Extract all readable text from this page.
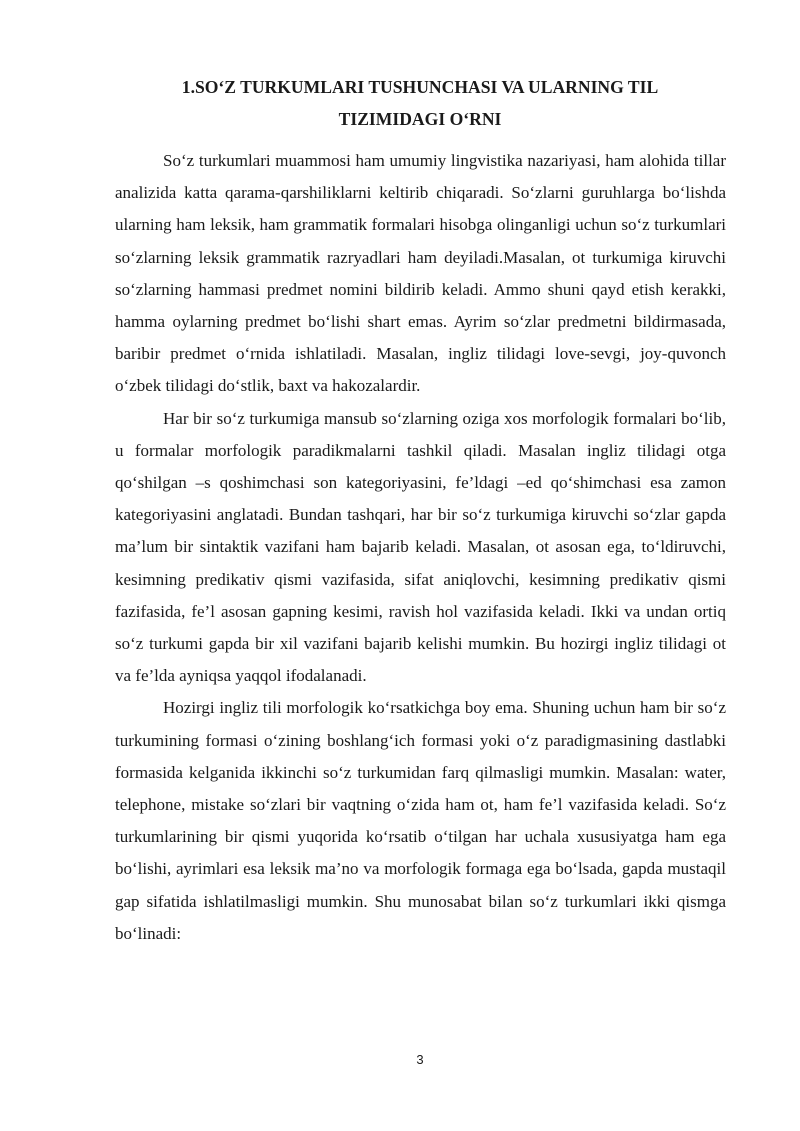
1.SO‘Z TURKUMLARI TUSHUNCHASI VA ULARNING TIL
TIZIMIDAGI O‘RNI

So‘z turkumlari muammosi ham umumiy lingvistika nazariyasi, ham alohida tillar analizida katta qarama-qarshiliklarni keltirib chiqaradi. So‘zlarni guruhlarga bo‘lishda ularning ham leksik, ham grammatik formalari hisobga olinganligi uchun so‘z turkumlari so‘zlarning leksik grammatik razryadlari ham deyiladi.Masalan, ot turkumiga kiruvchi so‘zlarning hammasi predmet nomini bildirib keladi. Ammo shuni qayd etish kerakki, hamma oylarning predmet bo‘lishi shart emas. Ayrim so‘zlar predmetni bildirmasada, baribir predmet o‘rnida ishlatiladi. Masalan, ingliz tilidagi love-sevgi, joy-quvonch o‘zbek tilidagi do‘stlik, baxt va hakozalardir.

Har bir so‘z turkumiga mansub so‘zlarning oziga xos morfologik formalari bo‘lib, u formalar morfologik paradikmalarni tashkil qiladi. Masalan ingliz tilidagi otga qo‘shilgan –s qoshimchasi son kategoriyasini, fe’ldagi –ed qo‘shimchasi esa zamon kategoriyasini anglatadi. Bundan tashqari, har bir so‘z turkumiga kiruvchi so‘zlar gapda ma’lum bir sintaktik vazifani ham bajarib keladi. Masalan, ot asosan ega, to‘ldiruvchi, kesimning predikativ qismi vazifasida, sifat aniqlovchi, kesimning predikativ qismi fazifasida, fe’l asosan gapning kesimi, ravish hol vazifasida keladi. Ikki va undan ortiq so‘z turkumi gapda bir xil vazifani bajarib kelishi mumkin. Bu hozirgi ingliz tilidagi ot va fe’lda ayniqsa yaqqol ifodalanadi.

Hozirgi ingliz tili morfologik ko‘rsatkichga boy ema. Shuning uchun ham bir so‘z turkumining formasi o‘zining boshlang‘ich formasi yoki o‘z paradigmasining dastlabki formasida kelganida ikkinchi so‘z turkumidan farq qilmasligi mumkin. Masalan: water, telephone, mistake so‘zlari bir vaqtning o‘zida ham ot, ham fe’l vazifasida keladi. So‘z turkumlarining bir qismi yuqorida ko‘rsatib o‘tilgan har uchala xususiyatga ham ega bo‘lishi, ayrimlari esa leksik ma’no va morfologik formaga ega bo‘lsada, gapda mustaqil gap sifatida ishlatilmasligi mumkin. Shu munosabat bilan so‘z turkumlari ikki qismga bo‘linadi:

3
